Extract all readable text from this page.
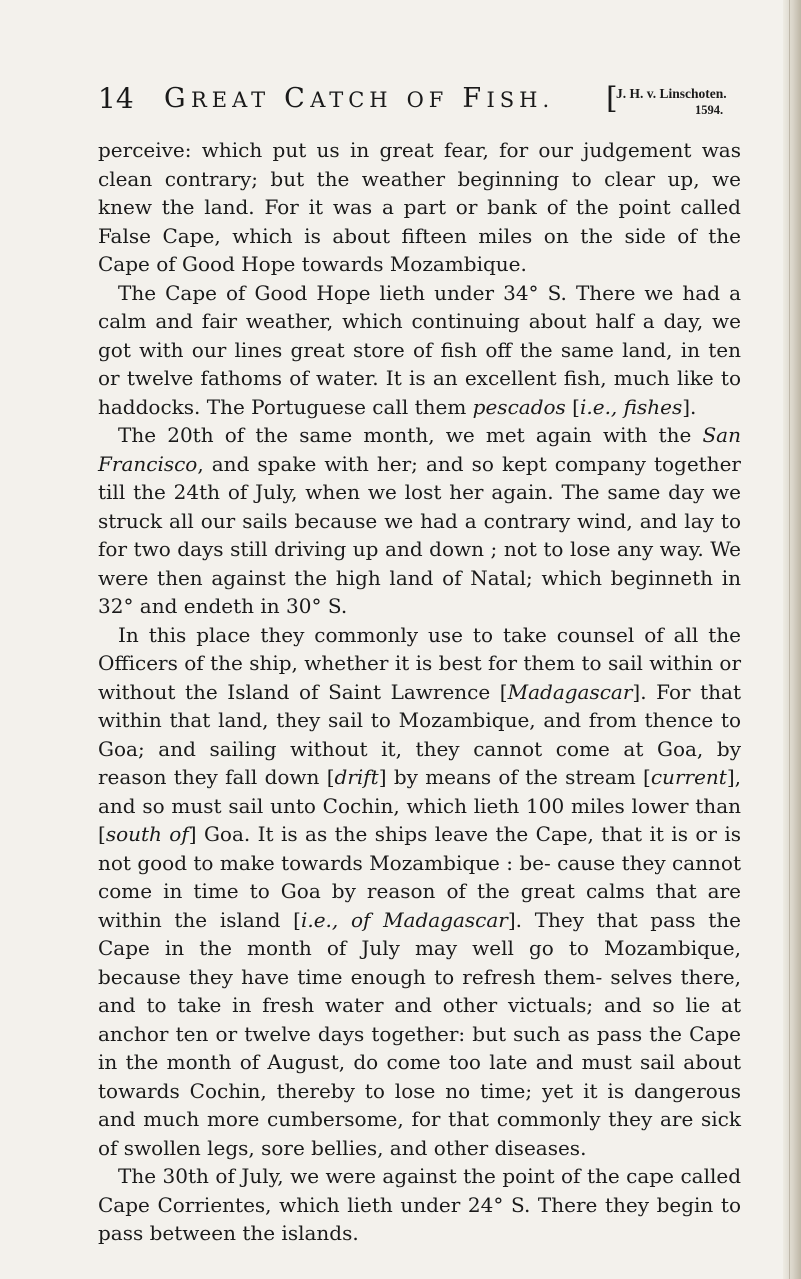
14 GREAT CATCH OF FISH. [
J. H. v. Linschoten.
1594.

perceive: which put us in great fear, for our judgement was clean contrary; but the weather beginning to clear up, we knew the land. For it was a part or bank of the point called False Cape, which is about fifteen miles on the side of the Cape of Good Hope towards Mozambique.

The Cape of Good Hope lieth under 34° S. There we had a calm and fair weather, which continuing about half a day, we got with our lines great store of fish off the same land, in ten or twelve fathoms of water. It is an excellent fish, much like to haddocks. The Portuguese call them pescados [i.e., fishes].

The 20th of the same month, we met again with the San Francisco, and spake with her; and so kept company together till the 24th of July, when we lost her again. The same day we struck all our sails because we had a contrary wind, and lay to for two days still driving up and down ; not to lose any way. We were then against the high land of Natal; which beginneth in 32° and endeth in 30° S.

In this place they commonly use to take counsel of all the Officers of the ship, whether it is best for them to sail within or without the Island of Saint Lawrence [Madagascar]. For that within that land, they sail to Mozambique, and from thence to Goa; and sailing without it, they cannot come at Goa, by reason they fall down [drift] by means of the stream [current], and so must sail unto Cochin, which lieth 100 miles lower than [south of] Goa. It is as the ships leave the Cape, that it is or is not good to make towards Mozambique : be- cause they cannot come in time to Goa by reason of the great calms that are within the island [i.e., of Madagascar]. They that pass the Cape in the month of July may well go to Mozambique, because they have time enough to refresh them- selves there, and to take in fresh water and other victuals; and so lie at anchor ten or twelve days together: but such as pass the Cape in the month of August, do come too late and must sail about towards Cochin, thereby to lose no time; yet it is dangerous and much more cumbersome, for that commonly they are sick of swollen legs, sore bellies, and other diseases.

The 30th of July, we were against the point of the cape called Cape Corrientes, which lieth under 24° S. There they begin to pass between the islands.
